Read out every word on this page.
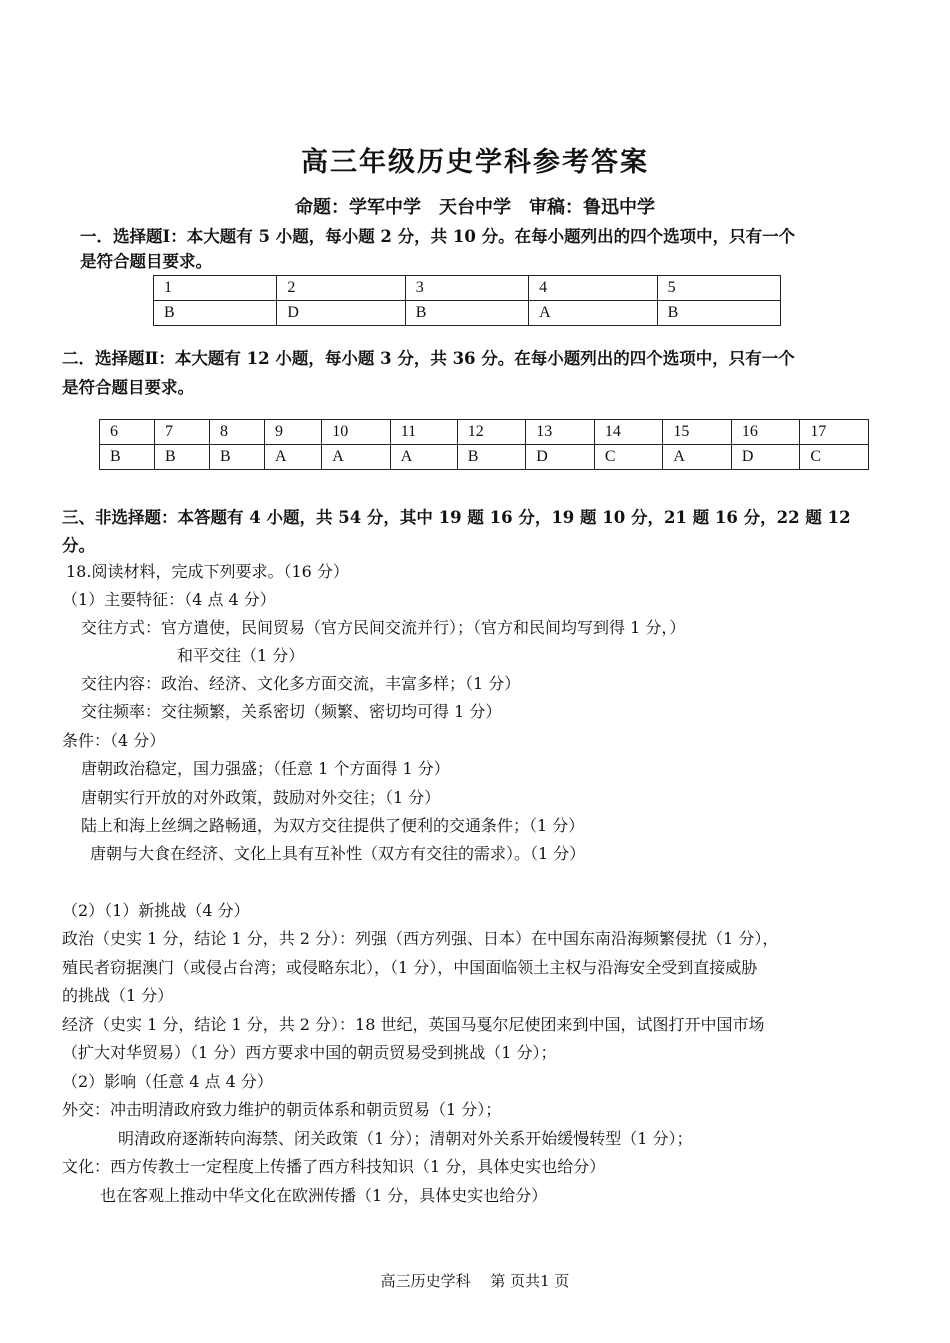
高三年级历史学科参考答案
命题：学军中学　天台中学　审稿：鲁迅中学
一．选择题Ⅰ：本大题有 5 小题，每小题 2 分，共 10 分。在每小题列出的四个选项中，只有一个
是符合题目要求。
1	2	3	4	5
B	D	B	A	B
二．选择题Ⅱ：本大题有 12 小题，每小题 3 分，共 36 分。在每小题列出的四个选项中，只有一个
是符合题目要求。
6	7	8	9	10	11	12	13	14	15	16	17
B	B	B	A	A	A	B	D	C	A	D	C
三、非选择题：本答题有 4 小题，共 54 分，其中 19 题 16 分，19 题 10 分，21 题 16 分，22 题 12
分。
18.阅读材料，完成下列要求。（16 分）
（1）主要特征：（4 点 4 分）
交往方式：官方遣使，民间贸易（官方民间交流并行）；（官方和民间均写到得 1 分，）
和平交往（1 分）
交往内容：政治、经济、文化多方面交流，丰富多样；（1 分）
交往频率：交往频繁，关系密切（频繁、密切均可得 1 分）
条件：（4 分）
唐朝政治稳定，国力强盛；（任意 1 个方面得 1 分）
唐朝实行开放的对外政策，鼓励对外交往；（1 分）
陆上和海上丝绸之路畅通，为双方交往提供了便利的交通条件；（1 分）
唐朝与大食在经济、文化上具有互补性（双方有交往的需求）。（1 分）
（2）（1）新挑战（4 分）
政治（史实 1 分，结论 1 分，共 2 分）：列强（西方列强、日本）在中国东南沿海频繁侵扰（1 分），
殖民者窃据澳门（或侵占台湾；或侵略东北），（1 分），中国面临领土主权与沿海安全受到直接威胁
的挑战（1 分）
经济（史实 1 分，结论 1 分，共 2 分）：18 世纪，英国马戛尔尼使团来到中国，试图打开中国市场
（扩大对华贸易）（1 分）西方要求中国的朝贡贸易受到挑战（1 分）；
（2）影响（任意 4 点 4 分）
外交：冲击明清政府致力维护的朝贡体系和朝贡贸易（1 分）；
明清政府逐渐转向海禁、闭关政策（1 分）；清朝对外关系开始缓慢转型（1 分）；
文化：西方传教士一定程度上传播了西方科技知识（1 分，具体史实也给分）
也在客观上推动中华文化在欧洲传播（1 分，具体史实也给分）
高三历史学科　 第 页共1 页
